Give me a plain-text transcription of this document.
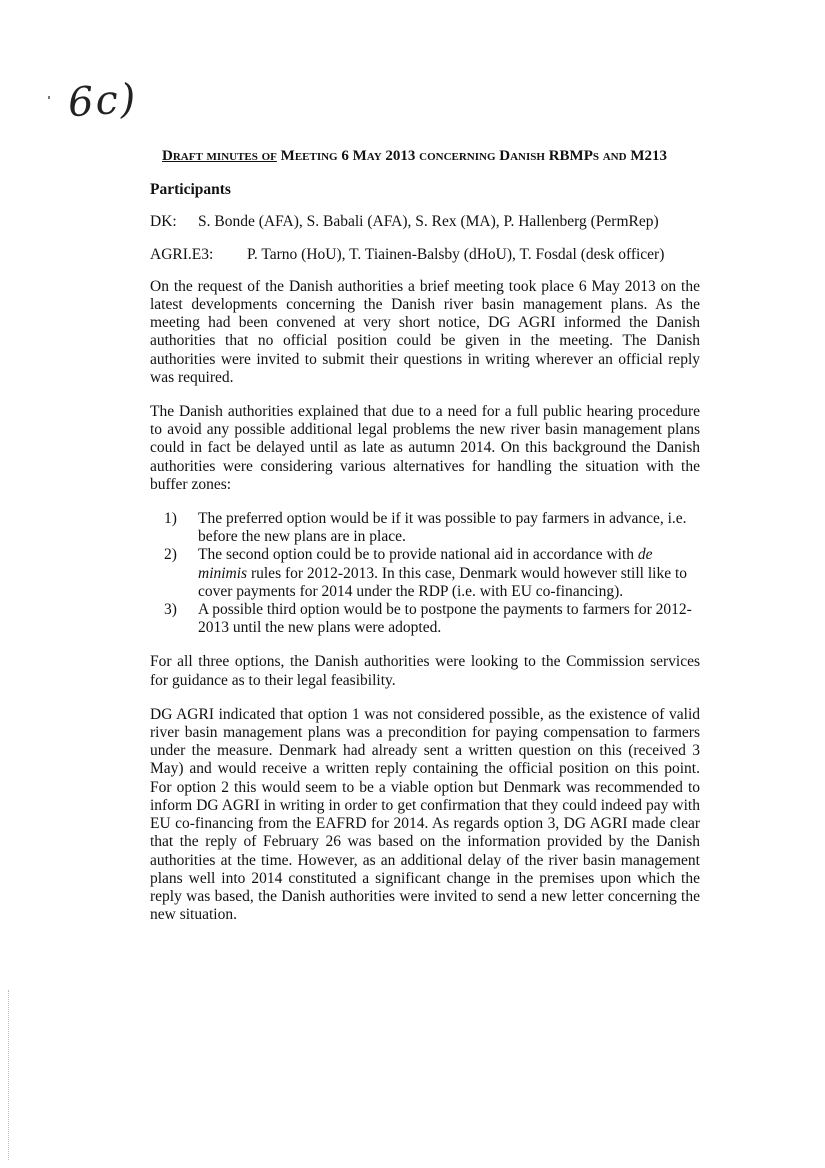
6c)
Draft minutes of Meeting 6 May 2013 concerning Danish RBMPs and M213
Participants
DK: S. Bonde (AFA), S. Babali (AFA), S. Rex (MA), P. Hallenberg (PermRep)
AGRI.E3: P. Tarno (HoU), T. Tiainen-Balsby (dHoU), T. Fosdal (desk officer)

On the request of the Danish authorities a brief meeting took place 6 May 2013 on the latest developments concerning the Danish river basin management plans. As the meeting had been convened at very short notice, DG AGRI informed the Danish authorities that no official position could be given in the meeting. The Danish authorities were invited to submit their questions in writing wherever an official reply was required.

The Danish authorities explained that due to a need for a full public hearing procedure to avoid any possible additional legal problems the new river basin management plans could in fact be delayed until as late as autumn 2014. On this background the Danish authorities were considering various alternatives for handling the situation with the buffer zones:

1) The preferred option would be if it was possible to pay farmers in advance, i.e. before the new plans are in place.
2) The second option could be to provide national aid in accordance with de minimis rules for 2012-2013. In this case, Denmark would however still like to cover payments for 2014 under the RDP (i.e. with EU co-financing).
3) A possible third option would be to postpone the payments to farmers for 2012-2013 until the new plans were adopted.

For all three options, the Danish authorities were looking to the Commission services for guidance as to their legal feasibility.

DG AGRI indicated that option 1 was not considered possible, as the existence of valid river basin management plans was a precondition for paying compensation to farmers under the measure. Denmark had already sent a written question on this (received 3 May) and would receive a written reply containing the official position on this point. For option 2 this would seem to be a viable option but Denmark was recommended to inform DG AGRI in writing in order to get confirmation that they could indeed pay with EU co-financing from the EAFRD for 2014. As regards option 3, DG AGRI made clear that the reply of February 26 was based on the information provided by the Danish authorities at the time. However, as an additional delay of the river basin management plans well into 2014 constituted a significant change in the premises upon which the reply was based, the Danish authorities were invited to send a new letter concerning the new situation.
